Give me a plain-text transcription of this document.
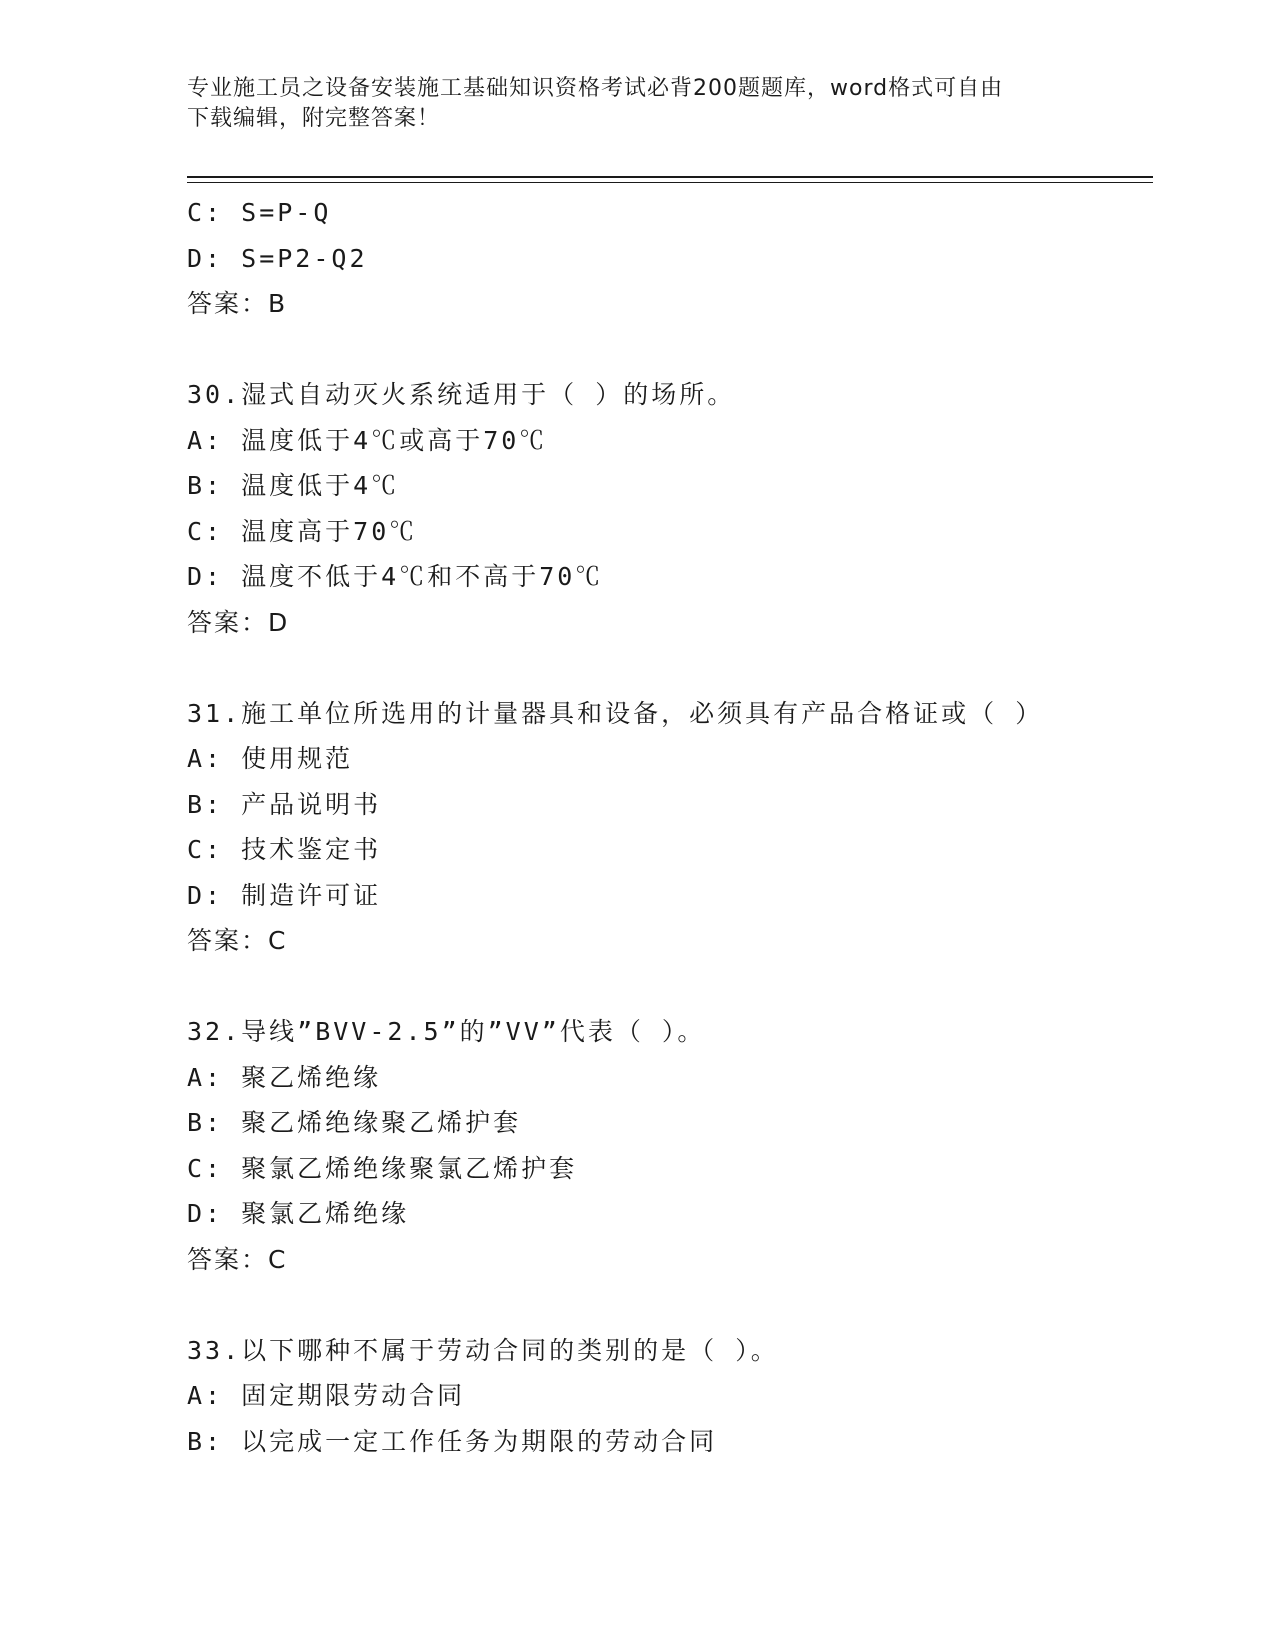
专业施工员之设备安装施工基础知识资格考试必背200题题库，word格式可自由
下载编辑，附完整答案！
C: S=P-Q
D: S=P2-Q2
答案：B
30.湿式自动灭火系统适用于（ ）的场所。
A: 温度低于4℃或高于70℃
B: 温度低于4℃
C: 温度高于70℃
D: 温度不低于4℃和不高于70℃
答案：D
31.施工单位所选用的计量器具和设备，必须具有产品合格证或（ ）
A: 使用规范
B: 产品说明书
C: 技术鉴定书
D: 制造许可证
答案：C
32.导线”BVV-2.5”的”VV”代表（ ）。
A: 聚乙烯绝缘
B: 聚乙烯绝缘聚乙烯护套
C: 聚氯乙烯绝缘聚氯乙烯护套
D: 聚氯乙烯绝缘
答案：C
33.以下哪种不属于劳动合同的类别的是（ ）。
A: 固定期限劳动合同
B: 以完成一定工作任务为期限的劳动合同
